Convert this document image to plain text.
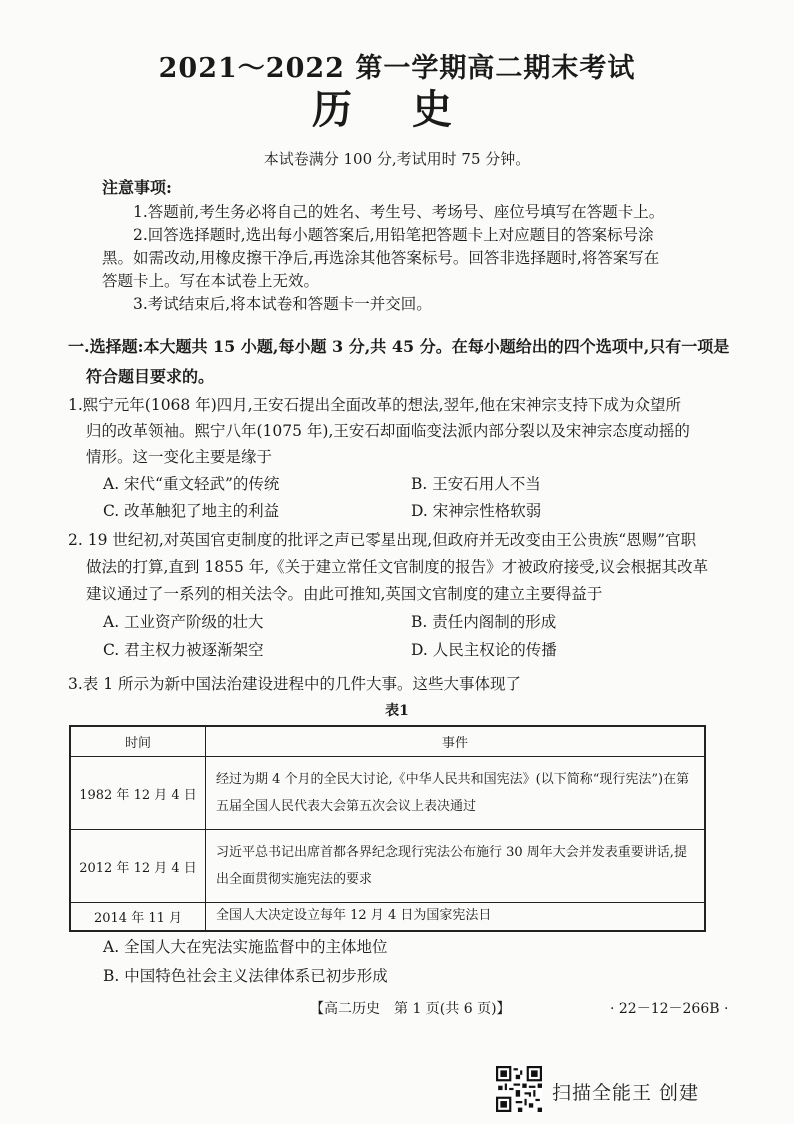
2021～2022 第一学期高二期末考试
历史
本试卷满分 100 分,考试用时 75 分钟。
注意事项:
1.答题前,考生务必将自己的姓名、考生号、考场号、座位号填写在答题卡上。
2.回答选择题时,选出每小题答案后,用铅笔把答题卡上对应题目的答案标号涂
黑。如需改动,用橡皮擦干净后,再选涂其他答案标号。回答非选择题时,将答案写在
答题卡上。写在本试卷上无效。
3.考试结束后,将本试卷和答题卡一并交回。
一.选择题:本大题共 15 小题,每小题 3 分,共 45 分。在每小题给出的四个选项中,只有一项是
符合题目要求的。
1.熙宁元年(1068 年)四月,王安石提出全面改革的想法,翌年,他在宋神宗支持下成为众望所
归的改革领袖。熙宁八年(1075 年),王安石却面临变法派内部分裂以及宋神宗态度动摇的
情形。这一变化主要是缘于
A. 宋代“重文轻武”的传统	B. 王安石用人不当
C. 改革触犯了地主的利益	D. 宋神宗性格软弱
2. 19 世纪初,对英国官吏制度的批评之声已零星出现,但政府并无改变由王公贵族“恩赐”官职
做法的打算,直到 1855 年,《关于建立常任文官制度的报告》才被政府接受,议会根据其改革
建议通过了一系列的相关法令。由此可推知,英国文官制度的建立主要得益于
A. 工业资产阶级的壮大	B. 责任内阁制的形成
C. 君主权力被逐渐架空	D. 人民主权论的传播
3.表 1 所示为新中国法治建设进程中的几件大事。这些大事体现了
表1
时间	事件
1982 年 12 月 4 日	经过为期 4 个月的全民大讨论,《中华人民共和国宪法》(以下简称“现行宪法”)在第五届全国人民代表大会第五次会议上表决通过
2012 年 12 月 4 日	习近平总书记出席首都各界纪念现行宪法公布施行 30 周年大会并发表重要讲话,提出全面贯彻实施宪法的要求
2014 年 11 月	全国人大决定设立每年 12 月 4 日为国家宪法日
A. 全国人大在宪法实施监督中的主体地位
B. 中国特色社会主义法律体系已初步形成
【高二历史　第 1 页(共 6 页)】	· 22－12－266B ·
扫描全能王 创建
